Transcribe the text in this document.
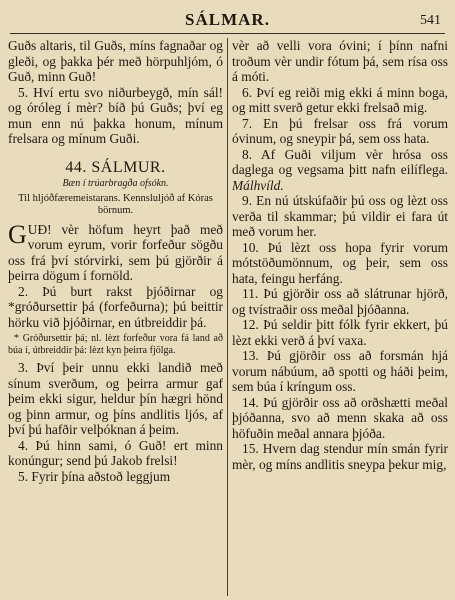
SÁLMAR.	541

Guðs altaris, til Guðs, míns fagnaðar og gleði, og þakka þér með hörpuhljóm, ó Guð, minn Guð!

5. Hví ertu svo niðurbeygð, mín sál! og óróleg í mèr? bíð þú Guðs; því eg mun enn nú þakka honum, mínum frelsara og mínum Guði.

44. SÁLMUR.
Bæn í trúarbragða ofsókn.
Til hljóðfæremeistarans. Kennsluljóð af Kóras börnum.

GUÐ! vèr höfum heyrt það með vorum eyrum, vorir forfeður sögðu oss frá því stórvirki, sem þú gjörðir á þeirra dögum í fornöld.

2. Þú burt rakst þjóðirnar og *gróðursettir þá (forfeðurna); þú beittir hörku við þjóðirnar, en útbreiddir þá.

* Gróðursettir þá; nl. lèzt forfeður vora fá land að búa í, útbreiddir þá: lèzt kyn þeirra fjölga.

3. Því þeir unnu ekki landið með sínum sverðum, og þeirra armur gaf þeim ekki sigur, heldur þín hægri hönd og þinn armur, og þíns andlitis ljós, af því þú hafðir velþóknan á þeim.

4. Þú hinn sami, ó Guð! ert minn konúngur; send þú Jakob frelsi!

5. Fyrir þína aðstoð leggjum

vèr að velli vora óvini; í þínn nafni troðum vèr undir fótum þá, sem rísa oss á móti.

6. Því eg reiði mig ekki á minn boga, og mitt sverð getur ekki frelsað mig.

7. En þú frelsar oss frá vorum óvinum, og sneypir þá, sem oss hata.

8. Af Guði viljum vèr hrósa oss daglega og vegsama þitt nafn eilíflega. Málhvíld.

9. En nú útskúfaðir þú oss og lèzt oss verða til skammar; þú vildir ei fara út með vorum her.

10. Þú lèzt oss hopa fyrir vorum mótstöðumönnum, og þeir, sem oss hata, feingu herfáng.

11. Þú gjörðir oss að slátrunar hjörð, og tvístraðir oss meðal þjóðanna.

12. Þú seldir þitt fólk fyrir ekkert, þú lèzt ekki verð á því vaxa.

13. Þú gjörðir oss að forsmán hjá vorum nábúum, að spotti og háði þeim, sem búa í kríngum oss.

14. Þú gjörðir oss að orðshætti meðal þjóðanna, svo að menn skaka að oss höfuðin meðal annara þjóða.

15. Hvern dag stendur mín smán fyrir mèr, og míns andlitis sneypa þekur mig,
